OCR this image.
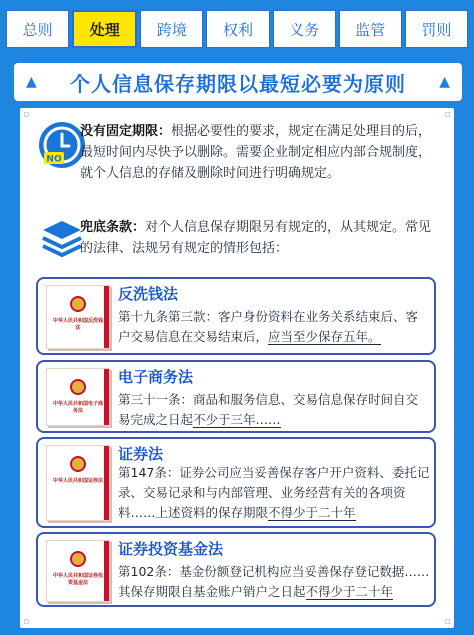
总则	处理	跨境	权利	义务	监管	罚则
▲ 个人信息保存期限以最短必要为原则 ▲
NO
没有固定期限：根据必要性的要求，规定在满足处理目的后，最短时间内尽快予以删除。需要企业制定相应内部合规制度，就个人信息的存储及删除时间进行明确规定。
兜底条款：对个人信息保存期限另有规定的，从其规定。常见的法律、法规另有规定的情形包括：
中华人民共和国反洗钱法
反洗钱法
第十九条第三款：客户身份资料在业务关系结束后、客户交易信息在交易结束后，应当至少保存五年。
中华人民共和国电子商务法
电子商务法
第三十一条：商品和服务信息、交易信息保存时间自交易完成之日起不少于三年……
中华人民共和国证券法
证券法
第147条：证券公司应当妥善保存客户开户资料、委托记录、交易记录和与内部管理、业务经营有关的各项资料……上述资料的保存期限不得少于二十年
中华人民共和国证券投资基金法
证券投资基金法
第102条：基金份额登记机构应当妥善保存登记数据……其保存期限自基金账户销户之日起不得少于二十年
